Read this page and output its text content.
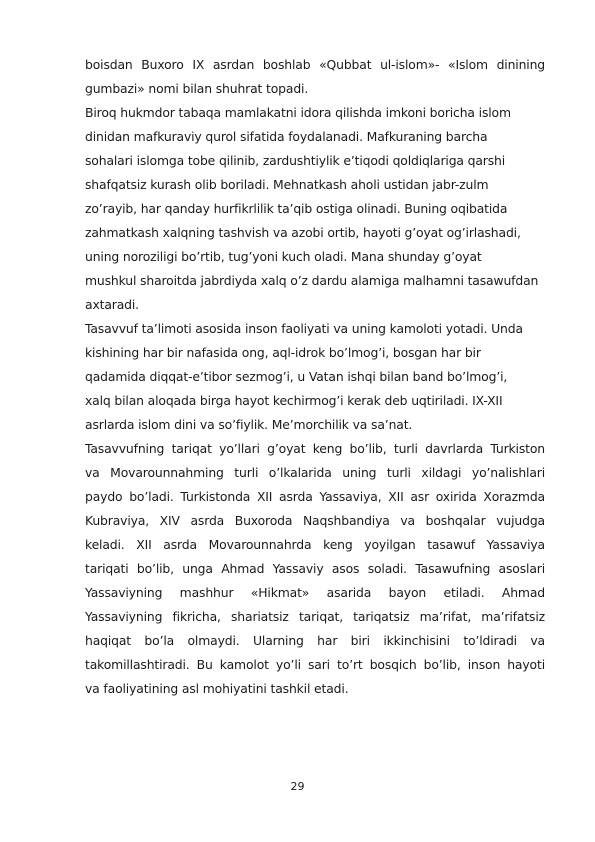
boisdan Buxoro IX asrdan boshlab «Qubbat ul-islom»- «Islom dinining
gumbazi» nomi bilan shuhrat topadi.
Biroq hukmdor tabaqa mamlakatni idora qilishda imkoni boricha islom
dinidan mafkuraviy qurol sifatida foydalanadi. Mafkuraning barcha
sohalari islomga tobe qilinib, zardushtiylik e’tiqodi qoldiqlariga qarshi
shafqatsiz kurash olib boriladi. Mehnatkash aholi ustidan jabr-zulm
zo’rayib, har qanday hurfikrlilik ta’qib ostiga olinadi. Buning oqibatida
zahmatkash xalqning tashvish va azobi ortib, hayoti g’oyat og’irlashadi,
uning noroziligi bo’rtib, tug’yoni kuch oladi. Mana shunday g’oyat
mushkul sharoitda jabrdiyda xalq o’z dardu alamiga malhamni tasawufdan
axtaradi.
Tasavvuf ta’limoti asosida inson faoliyati va uning kamoloti yotadi. Unda
kishining har bir nafasida ong, aql-idrok bo’lmog’i, bosgan har bir
qadamida diqqat-e’tibor sezmog’i, u Vatan ishqi bilan band bo’lmog’i,
xalq bilan aloqada birga hayot kechirmog’i kerak deb uqtiriladi. IX-XII
asrlarda islom dini va so’fiylik. Me’morchilik va sa’nat.
Tasavvufning tariqat yo’llari g’oyat keng bo’lib, turli davrlarda Turkiston
va Movarounnahming turli o’lkalarida uning turli xildagi yo’nalishlari
paydo bo’ladi. Turkistonda XII asrda Yassaviya, XII asr oxirida Xorazmda
Kubraviya, XIV asrda Buxoroda Naqshbandiya va boshqalar vujudga
keladi. XII asrda Movarounnahrda keng yoyilgan tasawuf Yassaviya
tariqati bo’lib, unga Ahmad Yassaviy asos soladi. Tasawufning asoslari
Yassaviyning mashhur «Hikmat» asarida bayon etiladi. Ahmad
Yassaviyning fikricha, shariatsiz tariqat, tariqatsiz ma’rifat, ma’rifatsiz
haqiqat bo’la olmaydi. Ularning har biri ikkinchisini to’ldiradi va
takomillashtiradi. Bu kamolot yo’li sari to’rt bosqich bo’lib, inson hayoti
va faoliyatining asl mohiyatini tashkil etadi.
29
